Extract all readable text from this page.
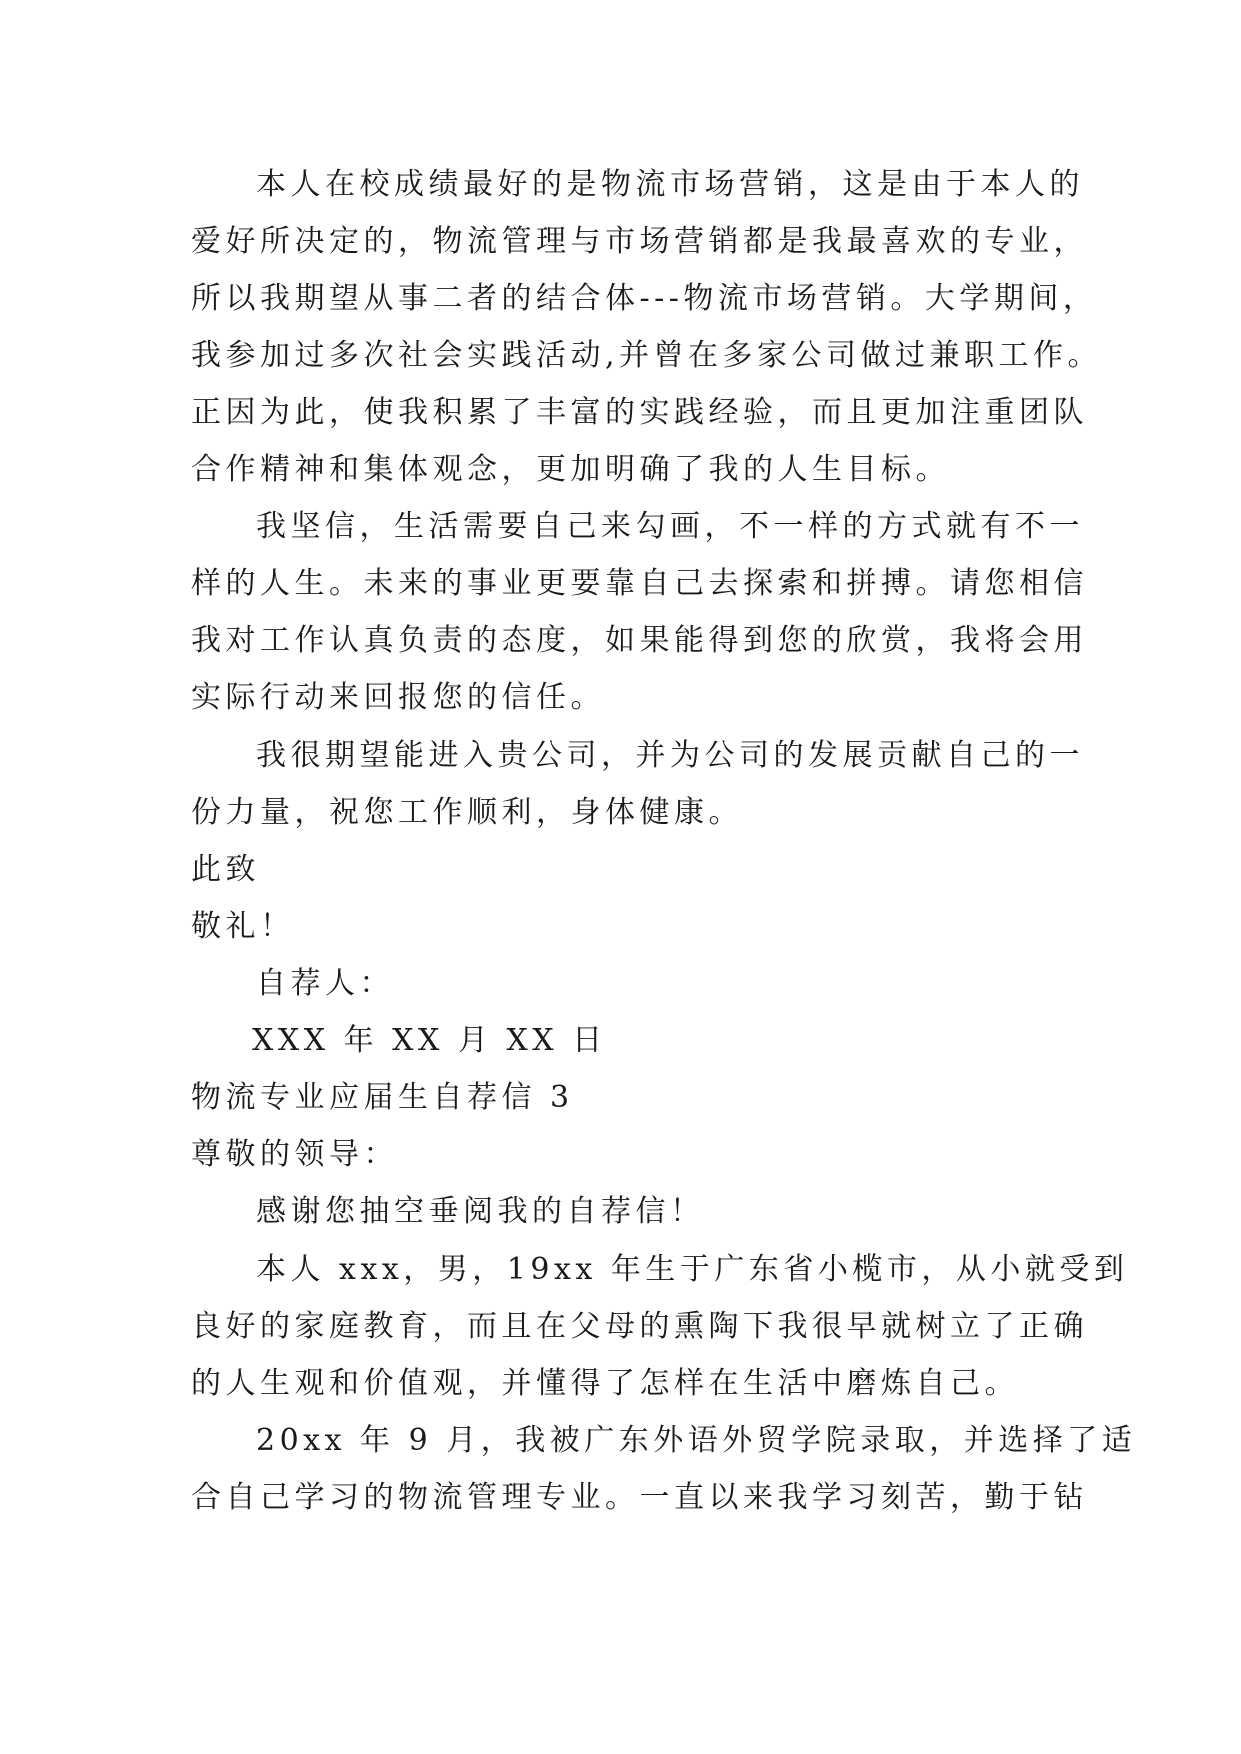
本人在校成绩最好的是物流市场营销，这是由于本人的
爱好所决定的，物流管理与市场营销都是我最喜欢的专业，
所以我期望从事二者的结合体---物流市场营销。大学期间，
我参加过多次社会实践活动,并曾在多家公司做过兼职工作。
正因为此，使我积累了丰富的实践经验，而且更加注重团队
合作精神和集体观念，更加明确了我的人生目标。
我坚信，生活需要自己来勾画，不一样的方式就有不一
样的人生。未来的事业更要靠自己去探索和拼搏。请您相信
我对工作认真负责的态度，如果能得到您的欣赏，我将会用
实际行动来回报您的信任。
我很期望能进入贵公司，并为公司的发展贡献自己的一
份力量，祝您工作顺利，身体健康。
此致
敬礼！
自荐人：
XXX 年 XX 月 XX 日
物流专业应届生自荐信 3
尊敬的领导：
感谢您抽空垂阅我的自荐信！
本人 xxx，男，19xx 年生于广东省小榄市，从小就受到
良好的家庭教育，而且在父母的熏陶下我很早就树立了正确
的人生观和价值观，并懂得了怎样在生活中磨炼自己。
20xx 年 9 月，我被广东外语外贸学院录取，并选择了适
合自己学习的物流管理专业。一直以来我学习刻苦，勤于钻
